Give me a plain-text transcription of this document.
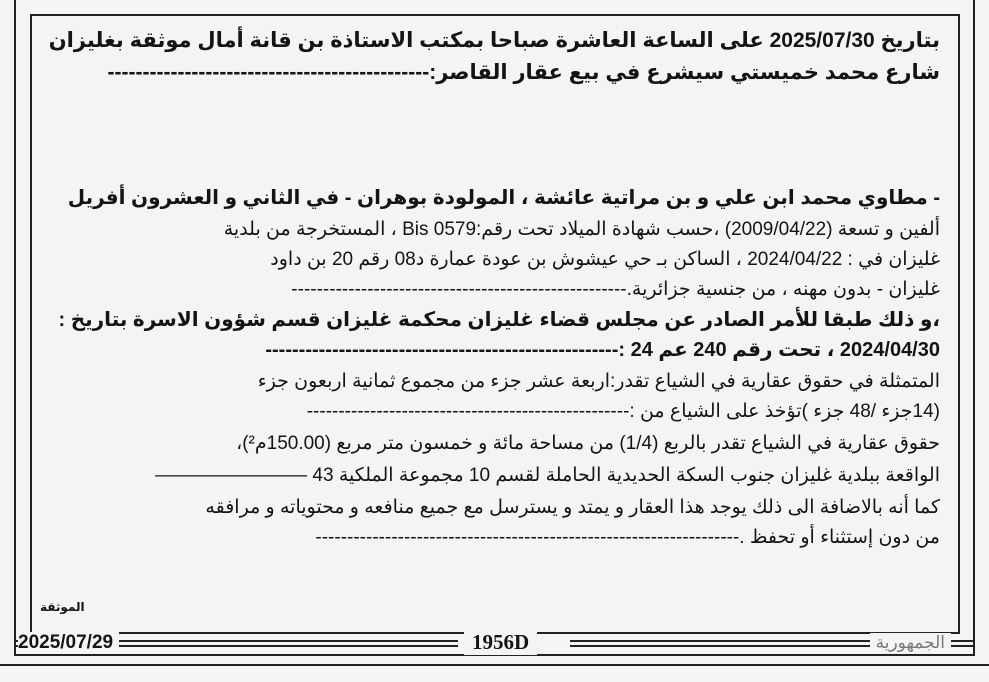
بتاريخ 2025/07/30 على الساعة العاشرة صباحا بمكتب الاستاذة بن قانة أمال موثقة بغليزان
شارع محمد خميستي سيشرع في بيع عقار القاصر:----------------------------------------------
- مطاوي محمد ابن علي و بن مراتية عائشة ، المولودة بوهران - في الثاني و العشرون أفريل
ألفين و تسعة (2009/04/22) ،حسب شهادة الميلاد تحت رقم:0579 Bis ، المستخرجة من بلدية
غليزان في : 2024/04/22 ، الساكن بـ حي عيشوش بن عودة عمارة د08 رقم 20 بن داود
غليزان - بدون مهنه ، من جنسية جزائرية.-----------------------------------------------------
،و ذلك طبقا للأمر الصادر عن مجلس قضاء غليزان محكمة غليزان قسم شؤون الاسرة بتاريخ :
2024/04/30 ، تحت رقم 240 عم 24 :-----------------------------------------------------
المتمثلة في حقوق عقارية في الشياع تقدر:اربعة عشر جزء من مجموع ثمانية اربعون جزء
(14جزء /48 جزء )تؤخذ على الشياع من :---------------------------------------------------
حقوق عقارية في الشياع تقدر بالربع (1/4) من مساحة مائة و خمسون متر مربع (150.00م²)،
الواقعة ببلدية غليزان جنوب السكة الحديدية الحاملة لقسم 10 مجموعة الملكية 43 ————————
كما أنه بالاضافة الى ذلك يوجد هذا العقار و يمتد و يسترسل مع جميع منافعه و محتوياته و مرافقه
من دون إستثناء أو تحفظ .-------------------------------------------------------------------
الموثقة
2025/07/29	1956D	الجمهورية
